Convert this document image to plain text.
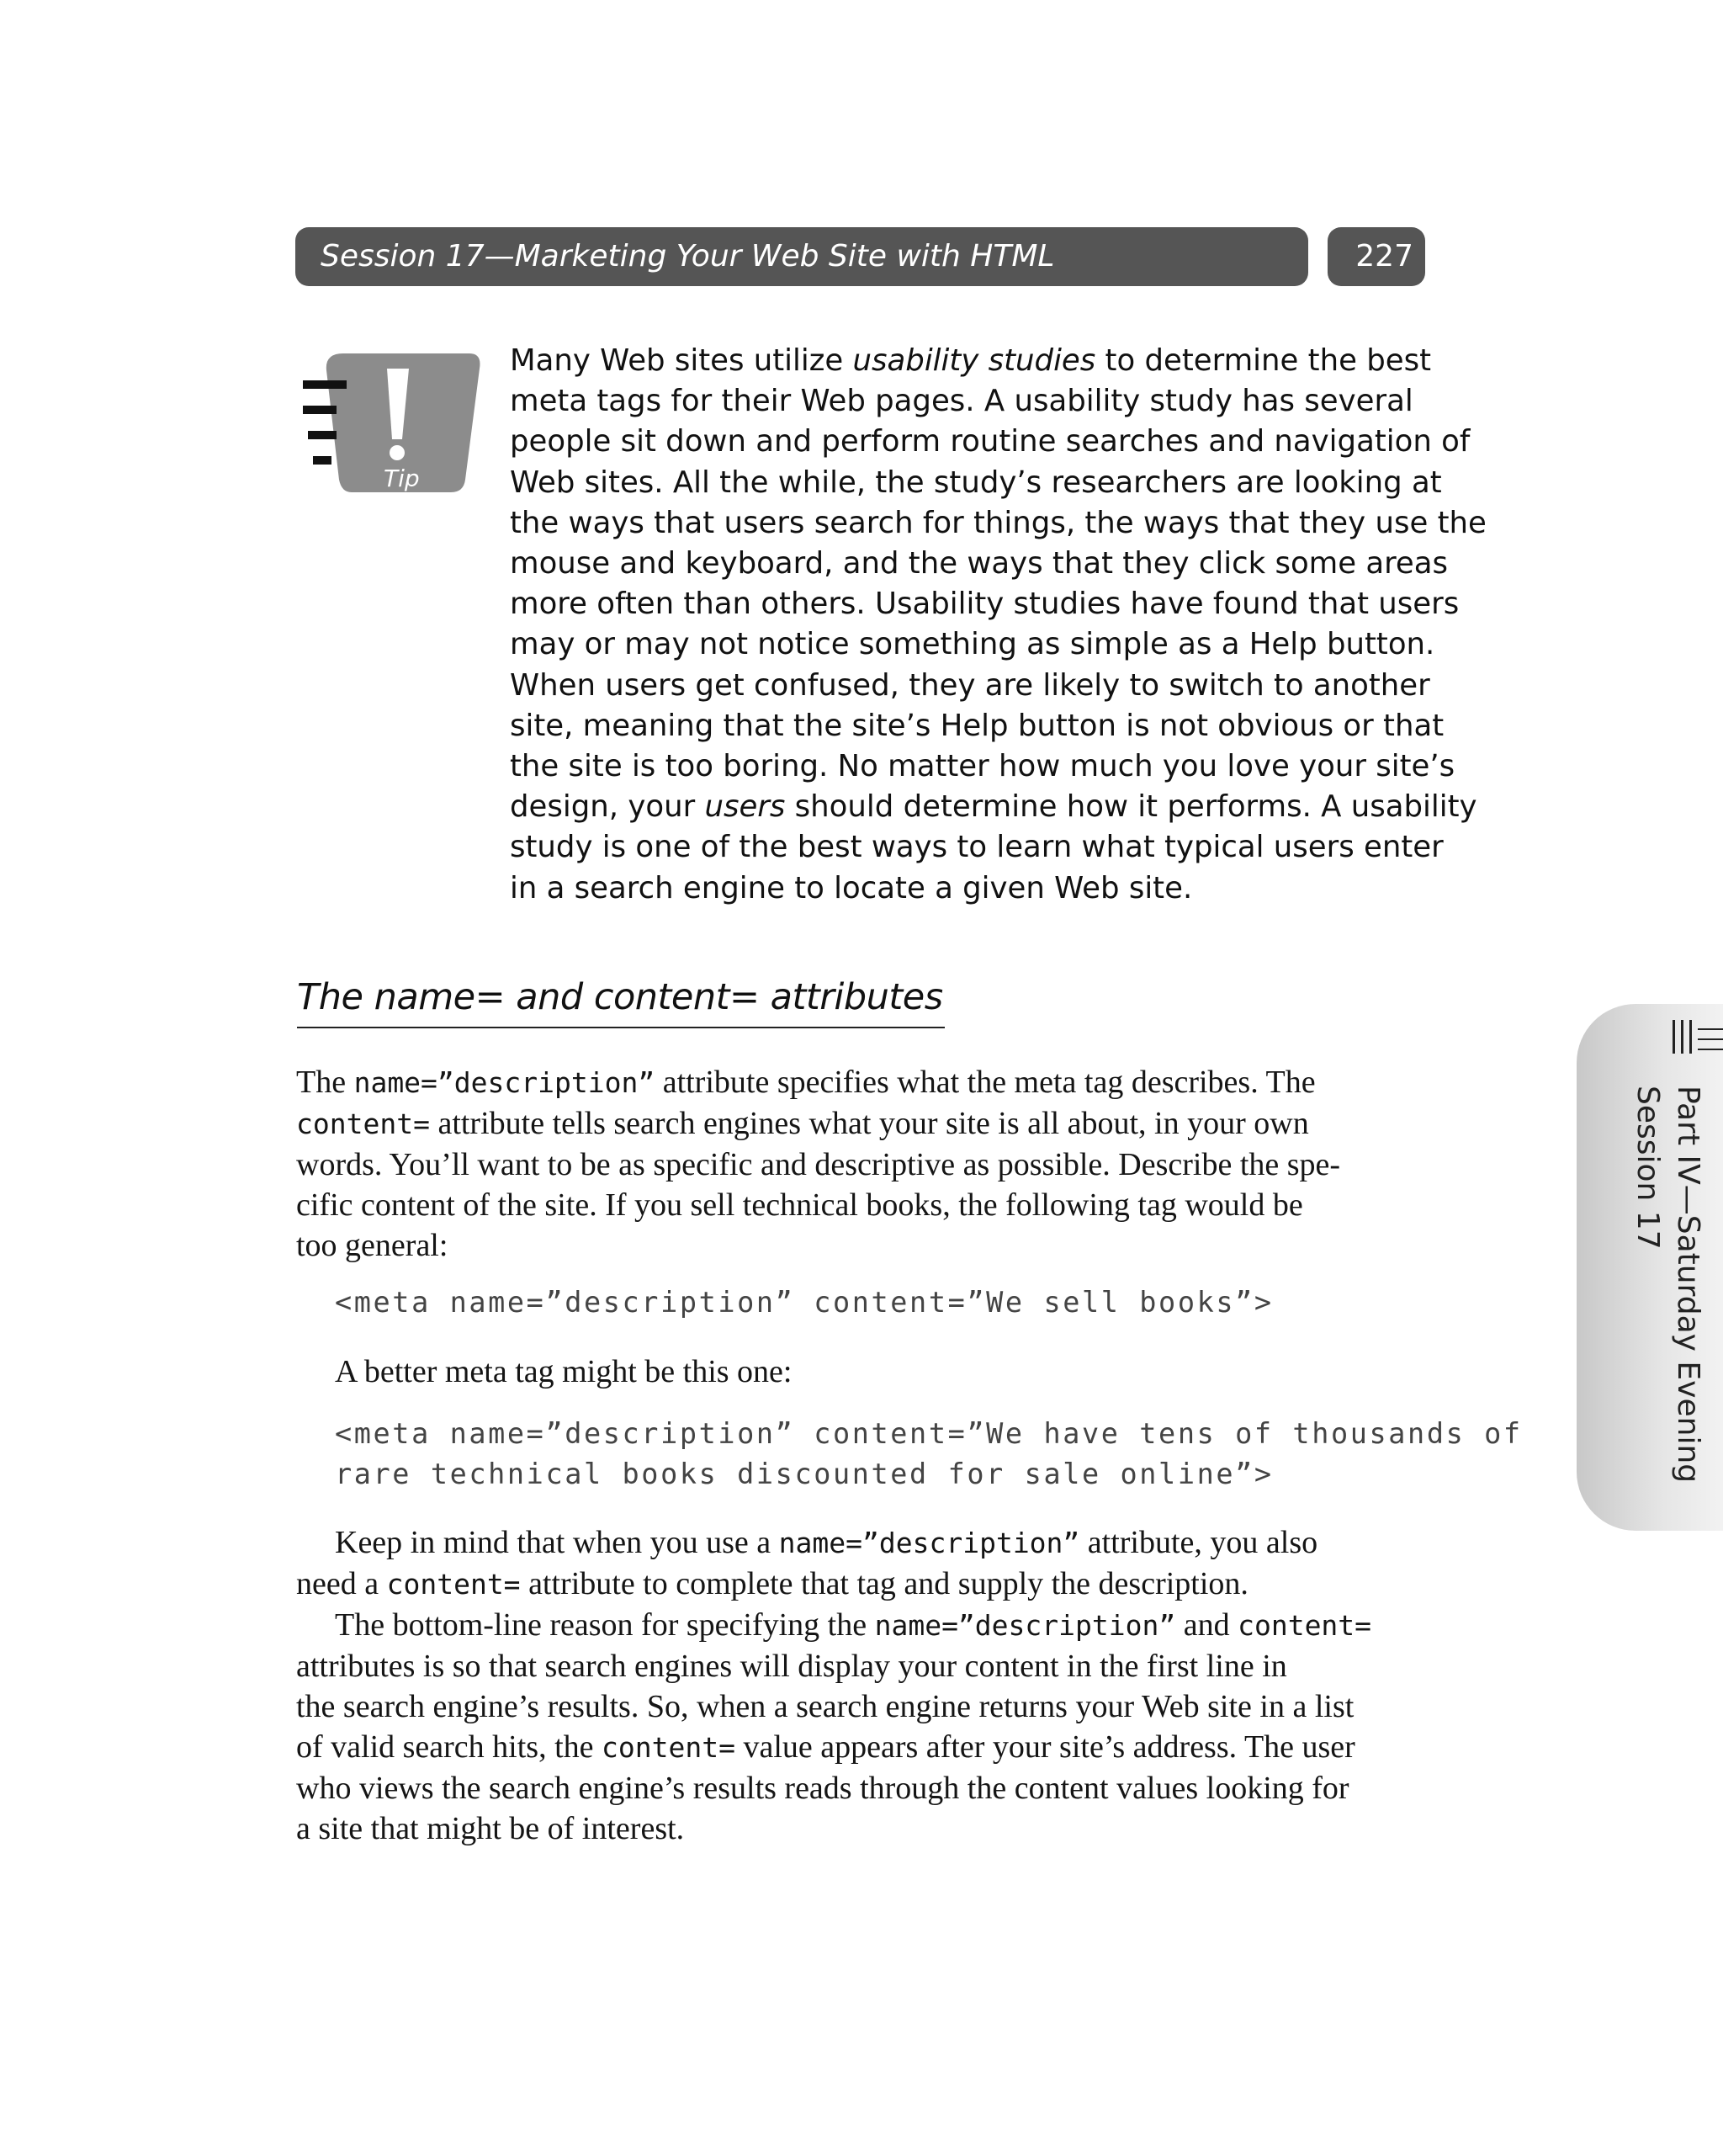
Session 17—Marketing Your Web Site with HTML	227
Tip

Many Web sites utilize usability studies to determine the best

meta tags for their Web pages. A usability study has several

people sit down and perform routine searches and navigation of

Web sites. All the while, the study’s researchers are looking at

the ways that users search for things, the ways that they use the

mouse and keyboard, and the ways that they click some areas

more often than others. Usability studies have found that users

may or may not notice something as simple as a Help button.

When users get confused, they are likely to switch to another

site, meaning that the site’s Help button is not obvious or that

the site is too boring. No matter how much you love your site’s

design, your users should determine how it performs. A usability

study is one of the best ways to learn what typical users enter

in a search engine to locate a given Web site.

The name= and content= attributes

The name=”description” attribute specifies what the meta tag describes. The

content= attribute tells search engines what your site is all about, in your own

words. You’ll want to be as specific and descriptive as possible. Describe the spe-

cific content of the site. If you sell technical books, the following tag would be

too general:

<meta name=”description” content=”We sell books”>

A better meta tag might be this one:

<meta name=”description” content=”We have tens of thousands of
rare technical books discounted for sale online”>

Keep in mind that when you use a name=”description” attribute, you also

need a content= attribute to complete that tag and supply the description.

The bottom-line reason for specifying the name=”description” and content=

attributes is so that search engines will display your content in the first line in

the search engine’s results. So, when a search engine returns your Web site in a list

of valid search hits, the content= value appears after your site’s address. The user

who views the search engine’s results reads through the content values looking for

a site that might be of interest.

Part IV—Saturday Evening
Session 17
